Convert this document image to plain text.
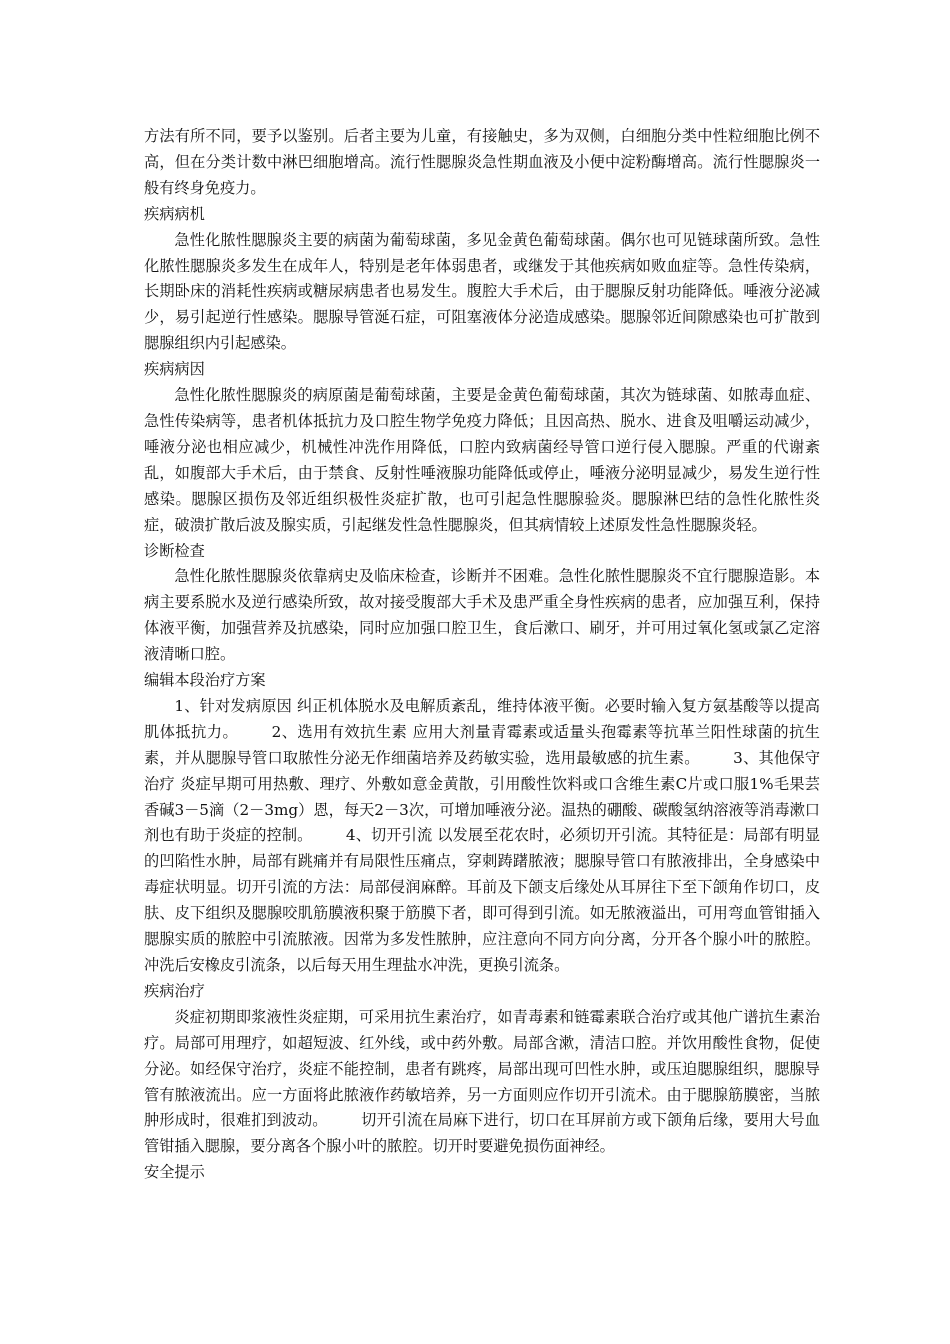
方法有所不同，要予以鉴别。后者主要为儿童，有接触史，多为双侧，白细胞分类中性粒细胞比例不高，但在分类计数中淋巴细胞增高。流行性腮腺炎急性期血液及小便中淀粉酶增高。流行性腮腺炎一般有终身免疫力。

疾病病机

急性化脓性腮腺炎主要的病菌为葡萄球菌，多见金黄色葡萄球菌。偶尔也可见链球菌所致。急性化脓性腮腺炎多发生在成年人，特别是老年体弱患者，或继发于其他疾病如败血症等。急性传染病，长期卧床的消耗性疾病或糖尿病患者也易发生。腹腔大手术后，由于腮腺反射功能降低。唾液分泌减少，易引起逆行性感染。腮腺导管涎石症，可阻塞液体分泌造成感染。腮腺邻近间隙感染也可扩散到腮腺组织内引起感染。

疾病病因

急性化脓性腮腺炎的病原菌是葡萄球菌，主要是金黄色葡萄球菌，其次为链球菌、如脓毒血症、急性传染病等，患者机体抵抗力及口腔生物学免疫力降低；且因高热、脱水、进食及咀嚼运动减少，唾液分泌也相应减少，机械性冲洗作用降低，口腔内致病菌经导管口逆行侵入腮腺。严重的代谢紊乱，如腹部大手术后，由于禁食、反射性唾液腺功能降低或停止，唾液分泌明显减少，易发生逆行性感染。腮腺区损伤及邻近组织极性炎症扩散，也可引起急性腮腺验炎。腮腺淋巴结的急性化脓性炎症，破溃扩散后波及腺实质，引起继发性急性腮腺炎，但其病情较上述原发性急性腮腺炎轻。

诊断检查

急性化脓性腮腺炎依靠病史及临床检查，诊断并不困难。急性化脓性腮腺炎不宜行腮腺造影。本病主要系脱水及逆行感染所致，故对接受腹部大手术及患严重全身性疾病的患者，应加强互利，保持体液平衡，加强营养及抗感染，同时应加强口腔卫生，食后漱口、刷牙，并可用过氧化氢或氯乙定溶液清晰口腔。

编辑本段治疗方案

1、针对发病原因 纠正机体脱水及电解质紊乱，维持体液平衡。必要时输入复方氨基酸等以提高肌体抵抗力。 2、选用有效抗生素 应用大剂量青霉素或适量头孢霉素等抗革兰阳性球菌的抗生素，并从腮腺导管口取脓性分泌无作细菌培养及药敏实验，选用最敏感的抗生素。 3、其他保守治疗 炎症早期可用热敷、理疗、外敷如意金黄散，引用酸性饮料或口含维生素C片或口服1%毛果芸香碱3－5滴（2－3mg）恩，每天2－3次，可增加唾液分泌。温热的硼酸、碳酸氢纳溶液等消毒漱口剂也有助于炎症的控制。 4、切开引流 以发展至花农时，必须切开引流。其特征是：局部有明显的凹陷性水肿，局部有跳痛并有局限性压痛点，穿刺踌躇脓液；腮腺导管口有脓液排出，全身感染中毒症状明显。切开引流的方法：局部侵润麻醉。耳前及下颌支后缘处从耳屏往下至下颌角作切口，皮肤、皮下组织及腮腺咬肌筋膜液积聚于筋膜下者，即可得到引流。如无脓液溢出，可用弯血管钳插入腮腺实质的脓腔中引流脓液。因常为多发性脓肿，应注意向不同方向分离，分开各个腺小叶的脓腔。冲洗后安橡皮引流条，以后每天用生理盐水冲洗，更换引流条。

疾病治疗

炎症初期即浆液性炎症期，可采用抗生素治疗，如青毒素和链霉素联合治疗或其他广谱抗生素治疗。局部可用理疗，如超短波、红外线，或中药外敷。局部含漱，清洁口腔。并饮用酸性食物，促使分泌。如经保守治疗，炎症不能控制，患者有跳疼，局部出现可凹性水肿，或压迫腮腺组织，腮腺导管有脓液流出。应一方面将此脓液作药敏培养，另一方面则应作切开引流术。由于腮腺筋膜密，当脓肿形成时，很难扪到波动。 切开引流在局麻下进行，切口在耳屏前方或下颌角后缘，要用大号血管钳插入腮腺，要分离各个腺小叶的脓腔。切开时要避免损伤面神经。

安全提示
